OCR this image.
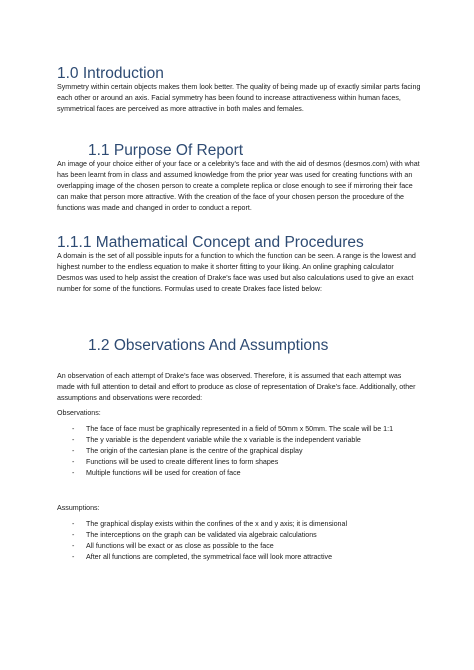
1.0 Introduction

Symmetry within certain objects makes them look better. The quality of being made up of exactly similar parts facing each other or around an axis. Facial symmetry has been found to increase attractiveness within human faces, symmetrical faces are perceived as more attractive in both males and females.

1.1 Purpose Of Report

An image of your choice either of your face or a celebrity’s face and with the aid of desmos (desmos.com) with what has been learnt from in class and assumed knowledge from the prior year was used for creating functions with an overlapping image of the chosen person to create a complete replica or close enough to see if mirroring their face can make that person more attractive. With the creation of the face of your chosen person the procedure of the functions was made and changed in order to conduct a report.

1.1.1 Mathematical Concept and Procedures

A domain is the set of all possible inputs for a function to which the function can be seen. A range is the lowest and highest number to the endless equation to make it shorter fitting to your liking. An online graphing calculator Desmos was used to help assist the creation of Drake’s face was used but also calculations used to give an exact number for some of the functions. Formulas used to create Drakes face listed below:

1.2 Observations And Assumptions

An observation of each attempt of Drake’s face was observed. Therefore, it is assumed that each attempt was made with full attention to detail and effort to produce as close of representation of Drake’s face. Additionally, other assumptions and observations were recorded:

Observations:

- The face of face must be graphically represented in a field of 50mm x 50mm. The scale will be 1:1
- The y variable is the dependent variable while the x variable is the independent variable
- The origin of the cartesian plane is the centre of the graphical display
- Functions will be used to create different lines to form shapes
- Multiple functions will be used for creation of face

Assumptions:

- The graphical display exists within the confines of the x and y axis; it is dimensional
- The interceptions on the graph can be validated via algebraic calculations
- All functions will be exact or as close as possible to the face
- After all functions are completed, the symmetrical face will look more attractive
